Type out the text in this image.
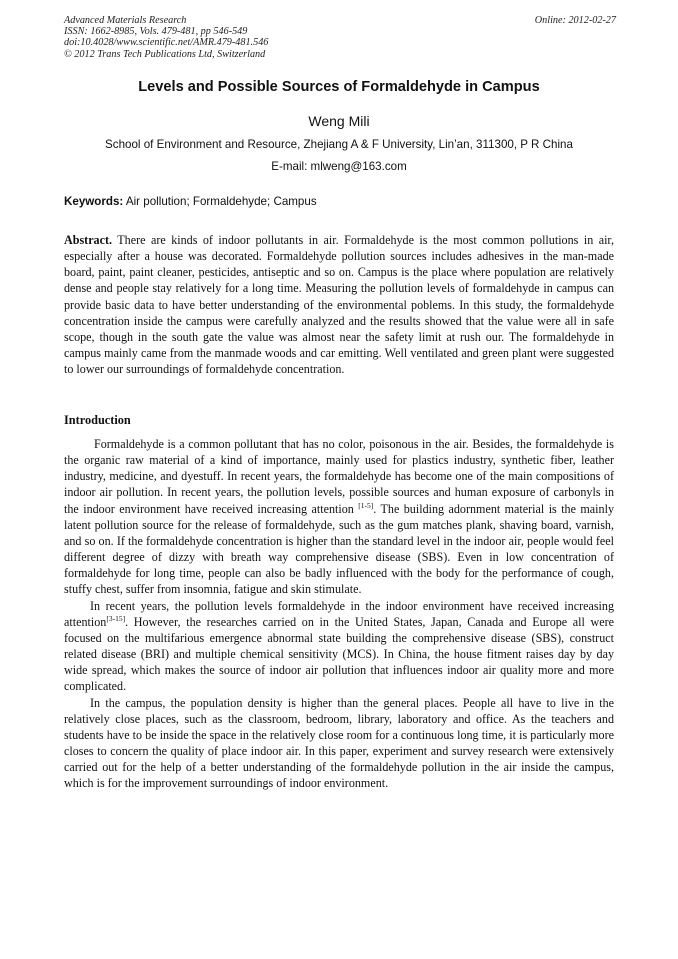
Advanced Materials Research
ISSN: 1662-8985, Vols. 479-481, pp 546-549
doi:10.4028/www.scientific.net/AMR.479-481.546
© 2012 Trans Tech Publications Ltd, Switzerland
Online: 2012-02-27
Levels and Possible Sources of Formaldehyde in Campus
Weng Mili
School of Environment and Resource, Zhejiang A & F University, Lin’an, 311300, P R China
E-mail: mlweng@163.com
Keywords: Air pollution; Formaldehyde; Campus
Abstract. There are kinds of indoor pollutants in air. Formaldehyde is the most common pollutions in air, especially after a house was decorated. Formaldehyde pollution sources includes adhesives in the man-made board, paint, paint cleaner, pesticides, antiseptic and so on. Campus is the place where population are relatively dense and people stay relatively for a long time. Measuring the pollution levels of formaldehyde in campus can provide basic data to have better understanding of the environmental poblems. In this study, the formaldehyde concentration inside the campus were carefully analyzed and the results showed that the value were all in safe scope, though in the south gate the value was almost near the safety limit at rush our. The formaldehyde in campus mainly came from the manmade woods and car emitting. Well ventilated and green plant were suggested to lower our surroundings of formaldehyde concentration.
Introduction

Formaldehyde is a common pollutant that has no color, poisonous in the air. Besides, the formaldehyde is the organic raw material of a kind of importance, mainly used for plastics industry, synthetic fiber, leather industry, medicine, and dyestuff. In recent years, the formaldehyde has become one of the main compositions of indoor air pollution. In recent years, the pollution levels, possible sources and human exposure of carbonyls in the indoor environment have received increasing attention [1-5]. The building adornment material is the mainly latent pollution source for the release of formaldehyde, such as the gum matches plank, shaving board, varnish, and so on. If the formaldehyde concentration is higher than the standard level in the indoor air, people would feel different degree of dizzy with breath way comprehensive disease (SBS). Even in low concentration of formaldehyde for long time, people can also be badly influenced with the body for the performance of cough, stuffy chest, suffer from insomnia, fatigue and skin stimulate.

In recent years, the pollution levels formaldehyde in the indoor environment have received increasing attention[3-15]. However, the researches carried on in the United States, Japan, Canada and Europe all were focused on the multifarious emergence abnormal state building the comprehensive disease (SBS), construct related disease (BRI) and multiple chemical sensitivity (MCS). In China, the house fitment raises day by day wide spread, which makes the source of indoor air pollution that influences indoor air quality more and more complicated.

In the campus, the population density is higher than the general places. People all have to live in the relatively close places, such as the classroom, bedroom, library, laboratory and office. As the teachers and students have to be inside the space in the relatively close room for a continuous long time, it is particularly more closes to concern the quality of place indoor air. In this paper, experiment and survey research were extensively carried out for the help of a better understanding of the formaldehyde pollution in the air inside the campus, which is for the improvement surroundings of indoor environment.
